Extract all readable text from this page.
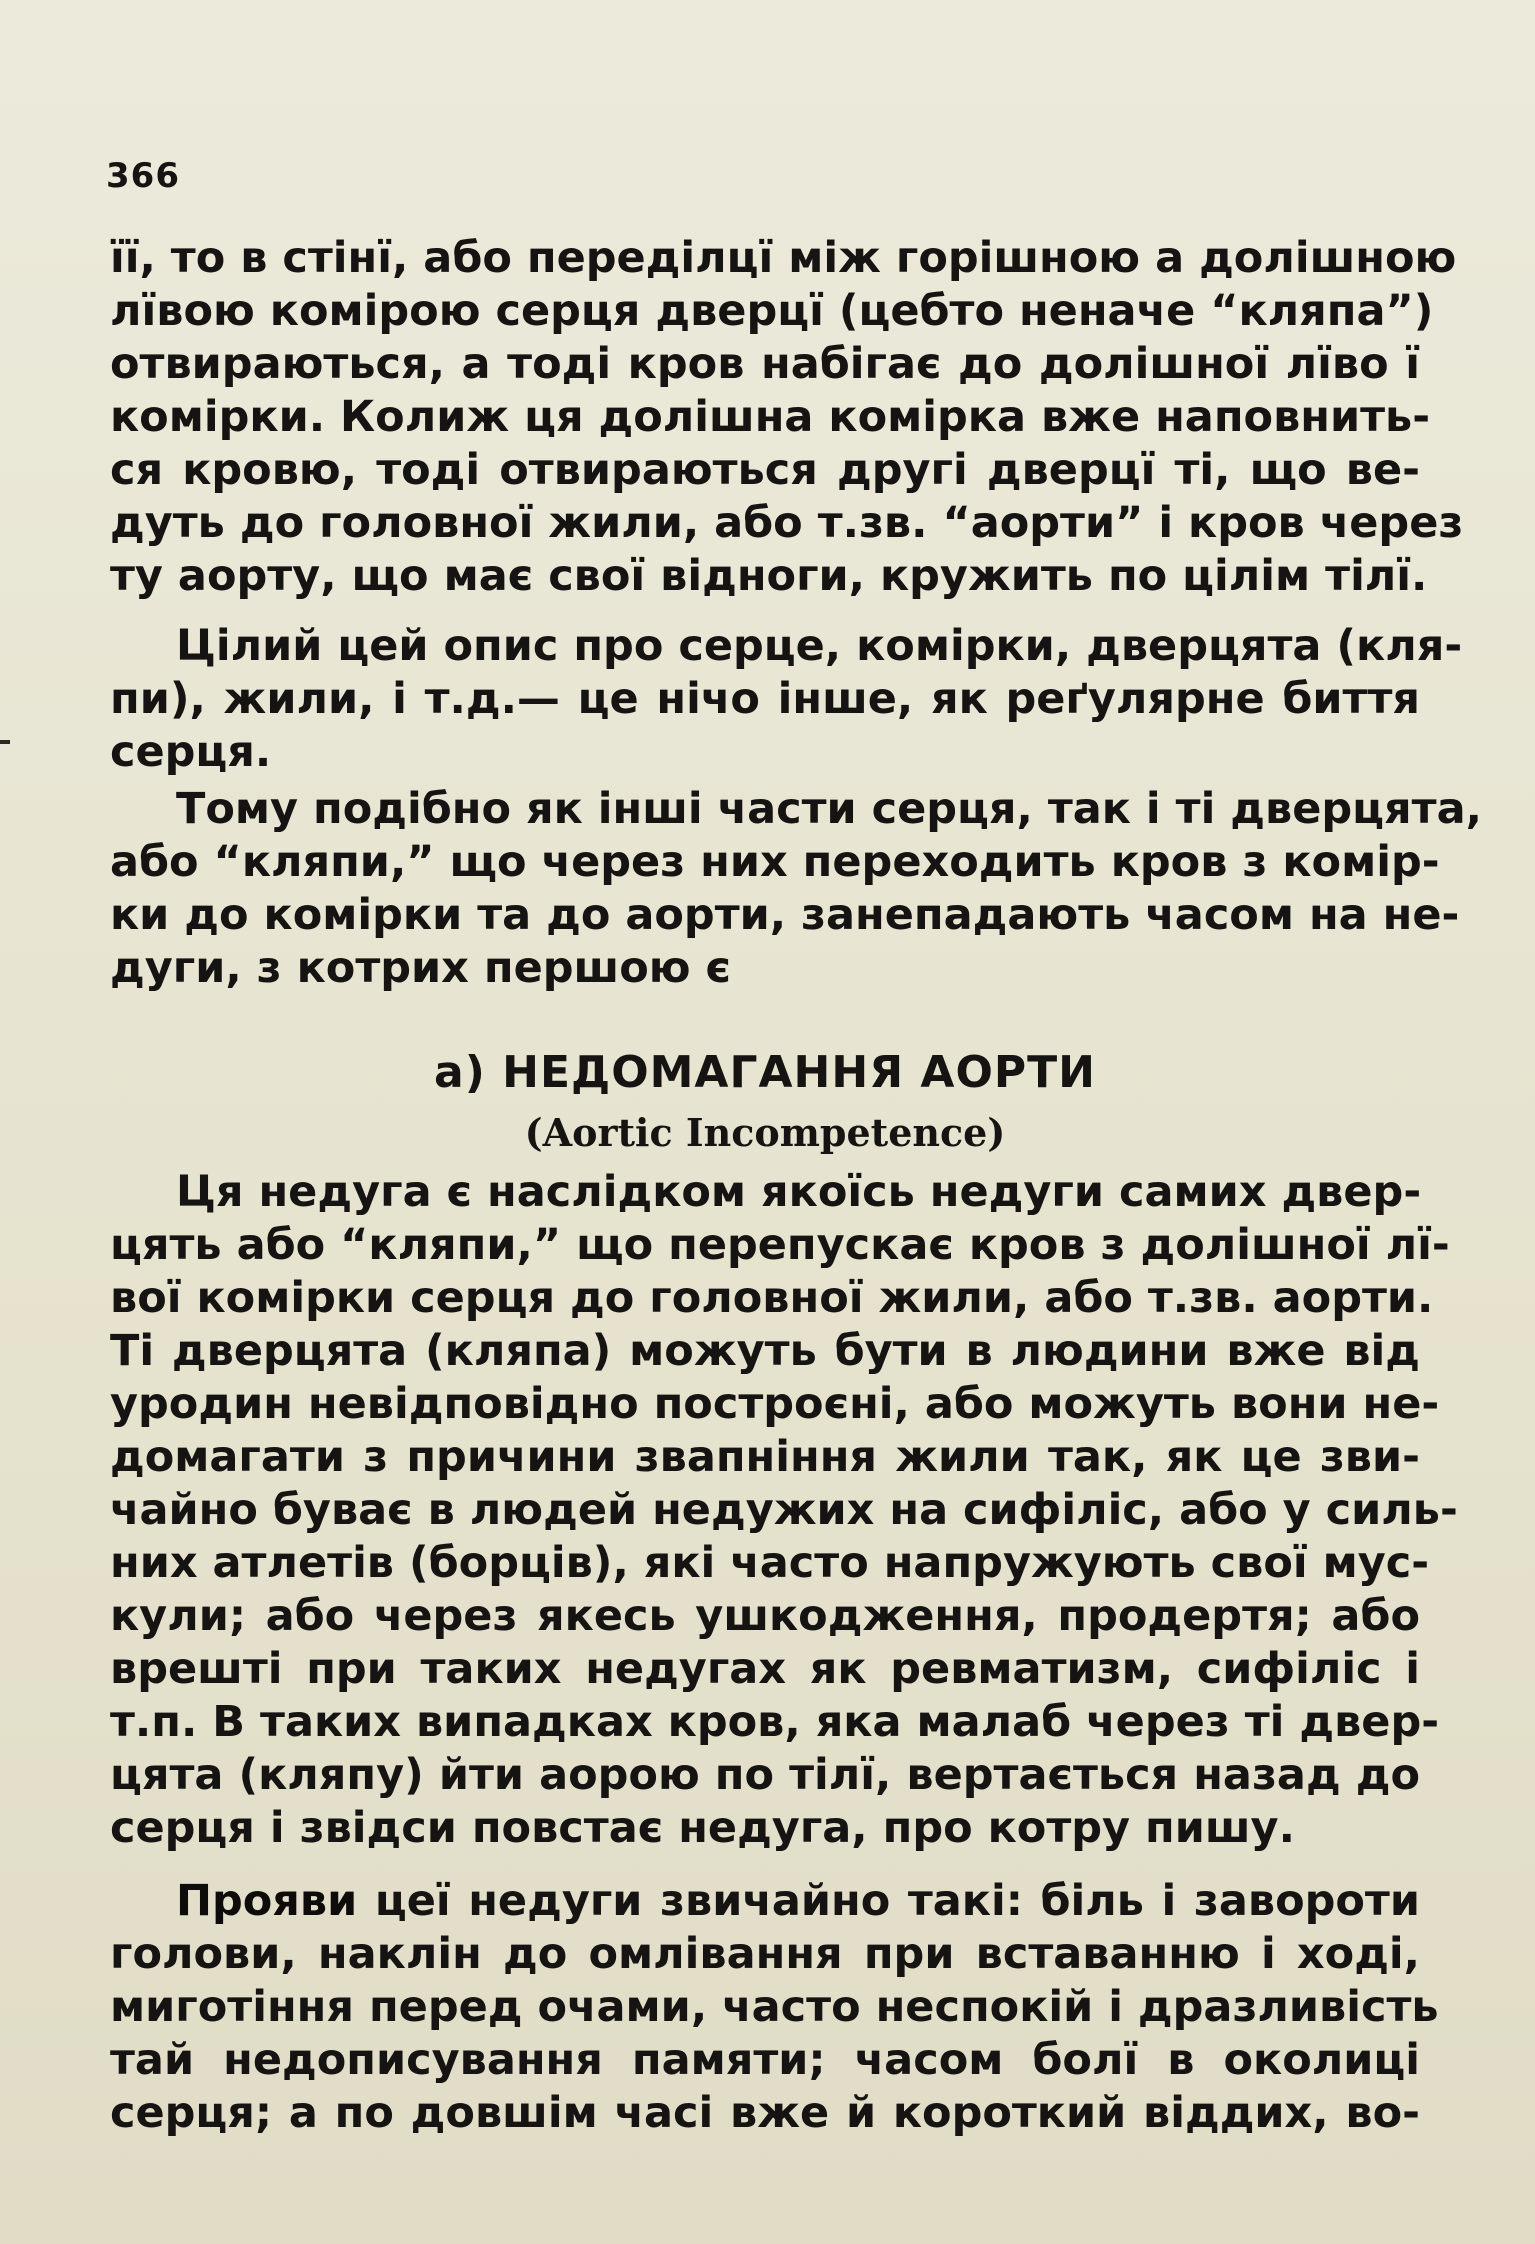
366
її, то в стінї, або переділцї між горішною а долішною
лївою комірою серця дверцї (цебто неначе “кляпа”)
отвираються, а тоді кров набігає до долішної лїво ї
комірки. Колиж ця долішна комірка вже наповнить-
ся кровю, тоді отвираються другі дверцї ті, що ве-
дуть до головної жили, або т.зв. “аорти” і кров через
ту аорту, що має свої відноги, кружить по цілім тілї.
Цілий цей опис про серце, комірки, дверцята (кля-
пи), жили, і т.д.— це нічо інше, як реґулярне биття
серця.
Тому подібно як інші части серця, так і ті дверцята,
або “кляпи,” що через них переходить кров з комір-
ки до комірки та до аорти, занепадають часом на не-
дуги, з котрих першою є
а) НЕДОМАГАННЯ АОРТИ
(Aortic Incompetence)
Ця недуга є наслідком якоїсь недуги самих двер-
цять або “кляпи,” що перепускає кров з долішної лї-
вої комірки серця до головної жили, або т.зв. аорти.
Ті дверцята (кляпа) можуть бути в людини вже від
уродин невідповідно построєні, або можуть вони не-
домагати з причини звапніння жили так, як це зви-
чайно буває в людей недужих на сифіліс, або у силь-
них атлетів (борців), які часто напружують свої мус-
кули; або через якесь ушкодження, продертя; або
врешті при таких недугах як ревматизм, сифіліс і
т.п. В таких випадках кров, яка малаб через ті двер-
цята (кляпу) йти аорою по тілї, вертається назад до
серця і звідси повстає недуга, про котру пишу.
Прояви цеї недуги звичайно такі: біль і завороти
голови, наклін до омлівання при вставанню і ході,
миготіння перед очами, часто неспокій і дразливість
тай недописування памяти; часом болї в околиці
серця; а по довшім часі вже й короткий віддих, во-
